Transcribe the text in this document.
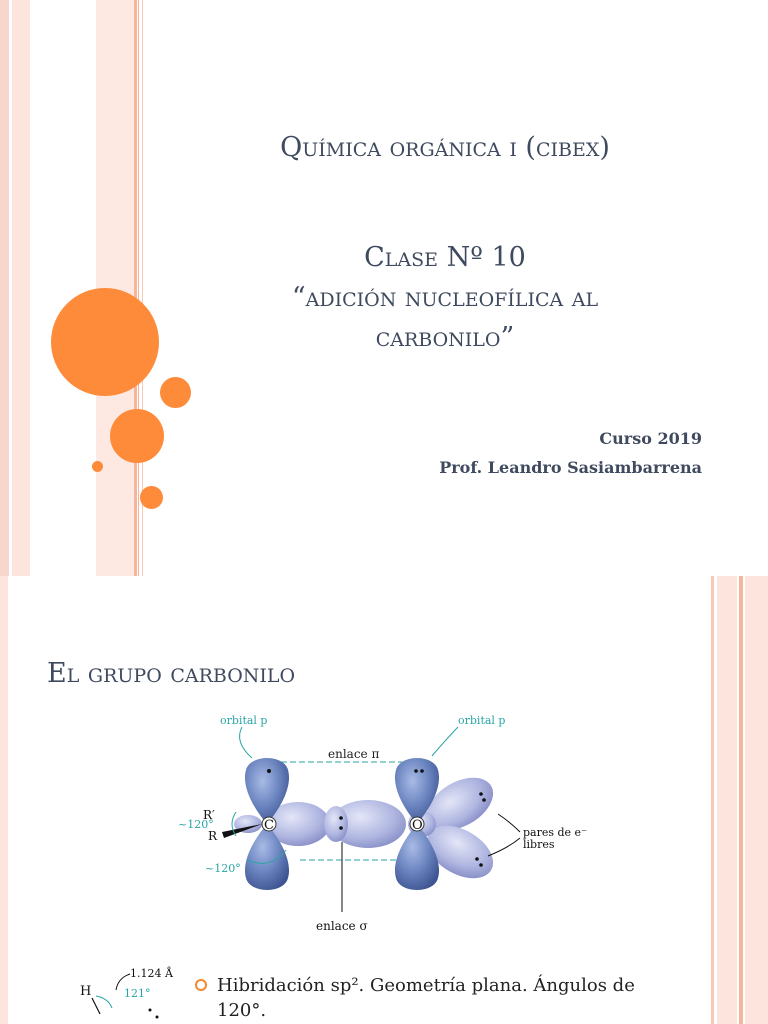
Química orgánica i (cibex)
Clase Nº 10
“adición nucleofílica al
carbonilo”
Curso 2019
Prof. Leandro Sasiambarrena
El grupo carbonilo
orbital p	orbital p
enlace π
C	O
R′
R
~120°
~120°
pares de e⁻
libres
enlace σ
1.124 Å
H	121°	Hibridación sp². Geometría plana. Ángulos de 120°.
